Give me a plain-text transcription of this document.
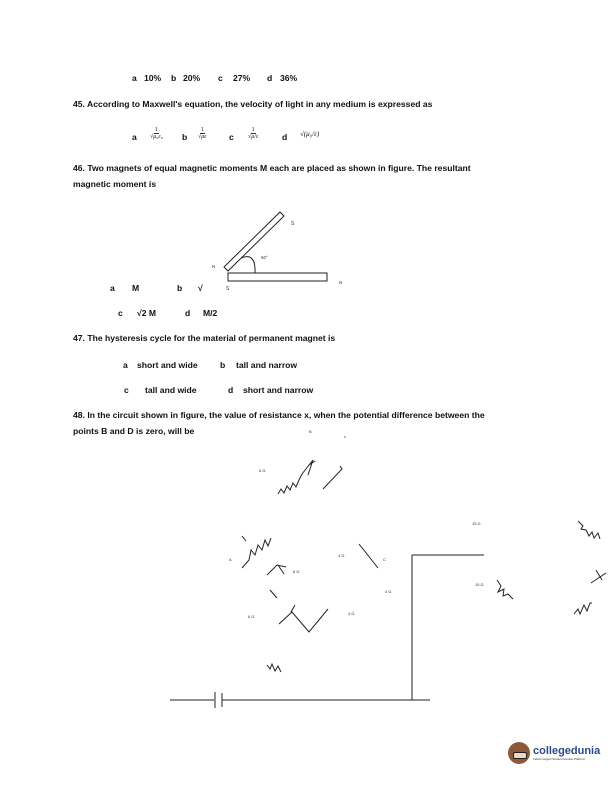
a 10% b 20% c 27% d 36%
45. According to Maxwell's equation, the velocity of light in any medium is expressed as
a $\frac{1}{\text{√μ₀ε₀}}$ b $\frac{1}{√\mu\varepsilon}$	c $\frac{1}{√\mu/\varepsilon}$	d √(μ₀/ε)
46. Two magnets of equal magnetic moments M each are placed as shown in figure. The resultant
magnetic moment is
S
60°
N
N
a M	b √	S
c √2 M	d M/2
47. The hysteresis cycle for the material of permanent magnet is
a short and wide	b tall and narrow
c tall and wide	d short and narrow
48. In the circuit shown in figure, the value of resistance x, when the potential difference between the
points B and D is zero, will be	B
x
6 Ω
A	C
4 Ω
6 Ω
4 Ω
6 Ω
4 Ω
15 Ω
15 Ω
collegedunia
India's largest Student Review Platform
